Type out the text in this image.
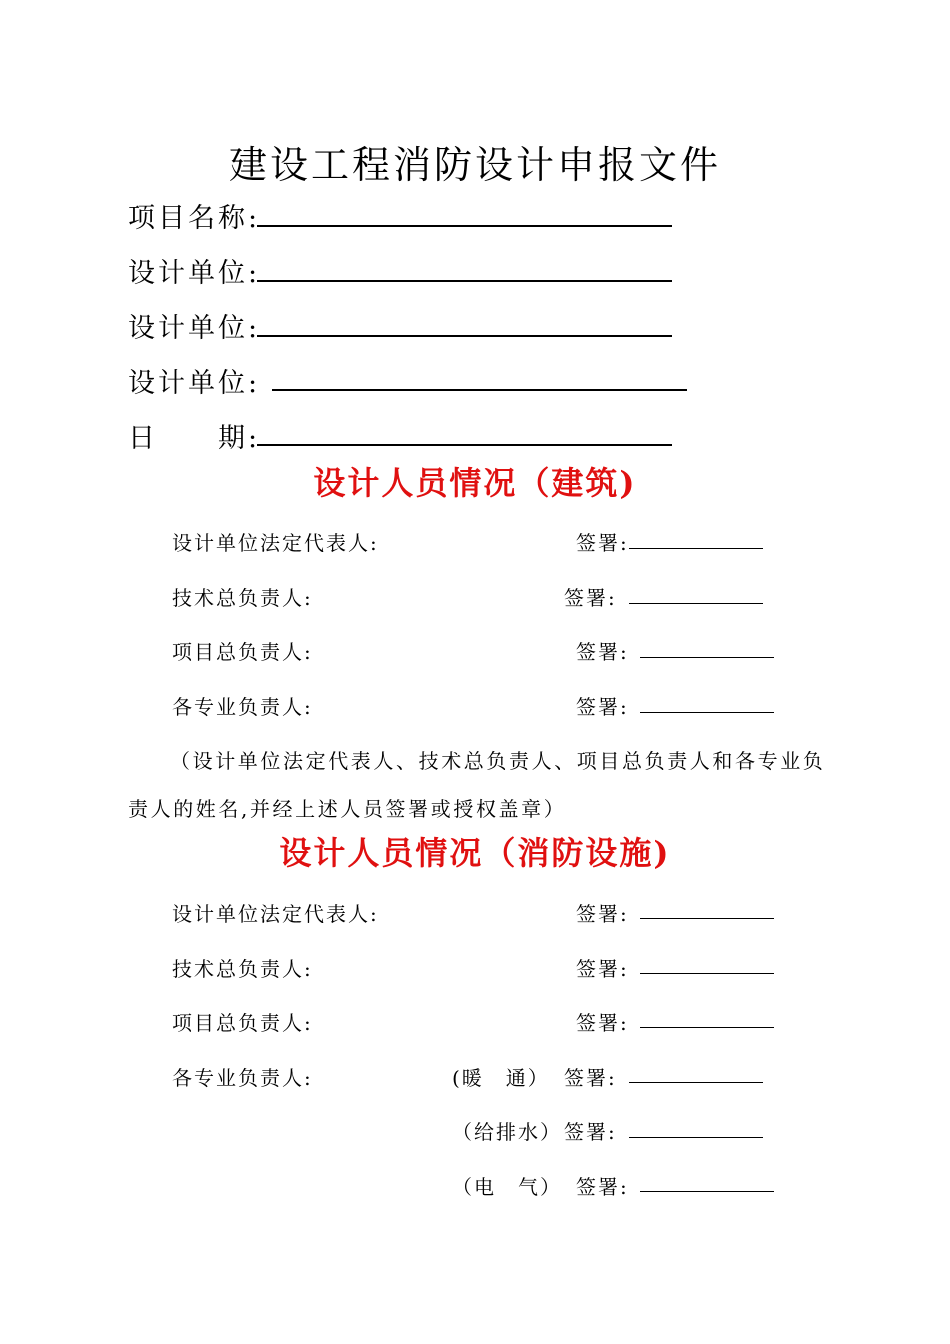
建设工程消防设计申报文件
项目名称:
设计单位:
设计单位:
设计单位:
日　　期:
设计人员情况（建筑)
设计单位法定代表人:	签署:
技术总负责人:	签署:
项目总负责人:	签署:
各专业负责人:	签署:
（设计单位法定代表人、技术总负责人、项目总负责人和各专业负
责人的姓名,并经上述人员签署或授权盖章）
设计人员情况（消防设施)
设计单位法定代表人:	签署:
技术总负责人:	签署:
项目总负责人:	签署:
各专业负责人:	(暖　通） 签署:
（给排水） 签署:
（电　气） 签署:
